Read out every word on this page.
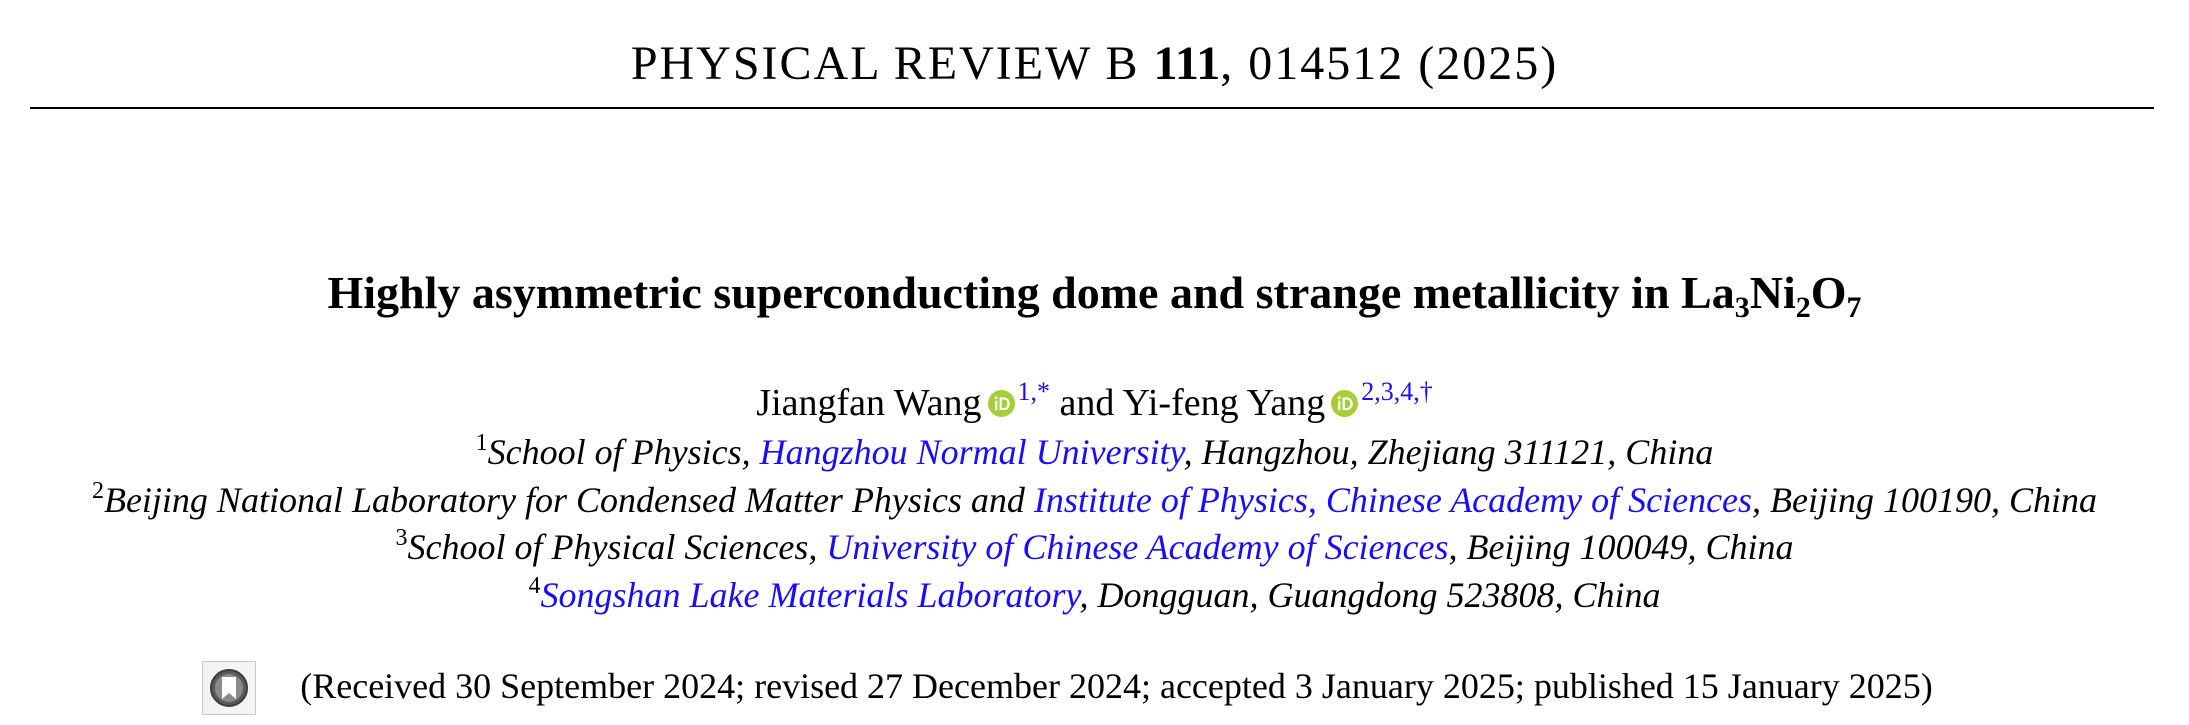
PHYSICAL REVIEW B 111, 014512 (2025)
Highly asymmetric superconducting dome and strange metallicity in La3Ni2O7
Jiangfan Wang $^{1,*}$ and Yi-feng Yang $^{2,3,4,\dagger}$
$^1$School of Physics, Hangzhou Normal University, Hangzhou, Zhejiang 311121, China
$^2$Beijing National Laboratory for Condensed Matter Physics and Institute of Physics, Chinese Academy of Sciences, Beijing 100190, China
$^3$School of Physical Sciences, University of Chinese Academy of Sciences, Beijing 100049, China
$^4$Songshan Lake Materials Laboratory, Dongguan, Guangdong 523808, China
(Received 30 September 2024; revised 27 December 2024; accepted 3 January 2025; published 15 January 2025)
